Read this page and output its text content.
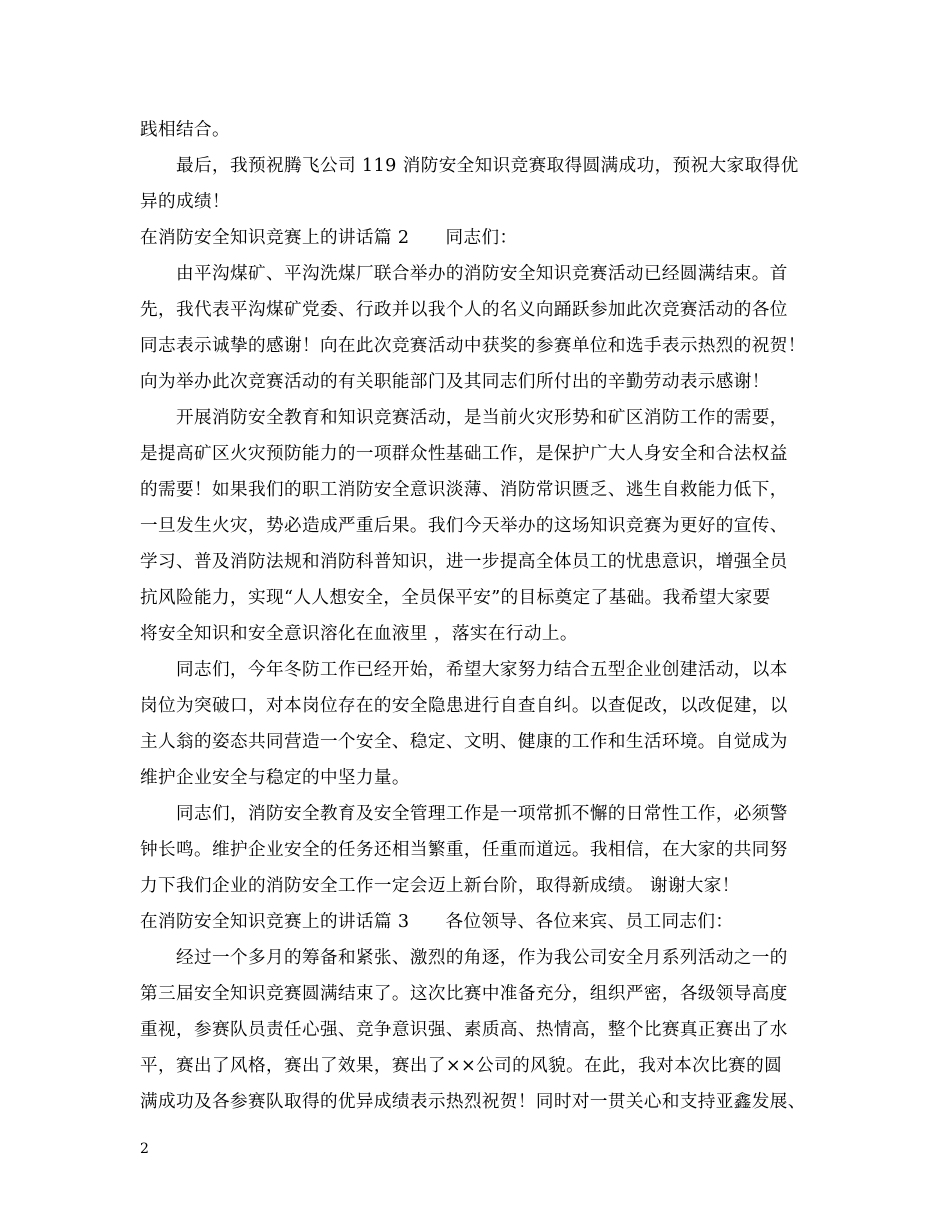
践相结合。
最后，我预祝腾飞公司 119 消防安全知识竞赛取得圆满成功，预祝大家取得优
异的成绩！
在消防安全知识竞赛上的讲话篇 2 同志们：
由平沟煤矿、平沟洗煤厂联合举办的消防安全知识竞赛活动已经圆满结束。首
先，我代表平沟煤矿党委、行政并以我个人的名义向踊跃参加此次竞赛活动的各位
同志表示诚挚的感谢！向在此次竞赛活动中获奖的参赛单位和选手表示热烈的祝贺！
向为举办此次竞赛活动的有关职能部门及其同志们所付出的辛勤劳动表示感谢！
开展消防安全教育和知识竞赛活动，是当前火灾形势和矿区消防工作的需要，
是提高矿区火灾预防能力的一项群众性基础工作，是保护广大人身安全和合法权益
的需要！如果我们的职工消防安全意识淡薄、消防常识匮乏、逃生自救能力低下，
一旦发生火灾，势必造成严重后果。我们今天举办的这场知识竞赛为更好的宣传、
学习、普及消防法规和消防科普知识，进一步提高全体员工的忧患意识，增强全员
抗风险能力，实现“人人想安全，全员保平安”的目标奠定了基础。我希望大家要
将安全知识和安全意识溶化在血液里 ，落实在行动上。
同志们，今年冬防工作已经开始，希望大家努力结合五型企业创建活动，以本
岗位为突破口，对本岗位存在的安全隐患进行自查自纠。以查促改，以改促建，以
主人翁的姿态共同营造一个安全、稳定、文明、健康的工作和生活环境。自觉成为
维护企业安全与稳定的中坚力量。
同志们，消防安全教育及安全管理工作是一项常抓不懈的日常性工作，必须警
钟长鸣。维护企业安全的任务还相当繁重，任重而道远。我相信，在大家的共同努
力下我们企业的消防安全工作一定会迈上新台阶，取得新成绩。 谢谢大家！
在消防安全知识竞赛上的讲话篇 3 各位领导、各位来宾、员工同志们：
经过一个多月的筹备和紧张、激烈的角逐，作为我公司安全月系列活动之一的
第三届安全知识竞赛圆满结束了。这次比赛中准备充分，组织严密，各级领导高度
重视，参赛队员责任心强、竞争意识强、素质高、热情高，整个比赛真正赛出了水
平，赛出了风格，赛出了效果，赛出了××公司的风貌。在此，我对本次比赛的圆
满成功及各参赛队取得的优异成绩表示热烈祝贺！同时对一贯关心和支持亚鑫发展、
2
